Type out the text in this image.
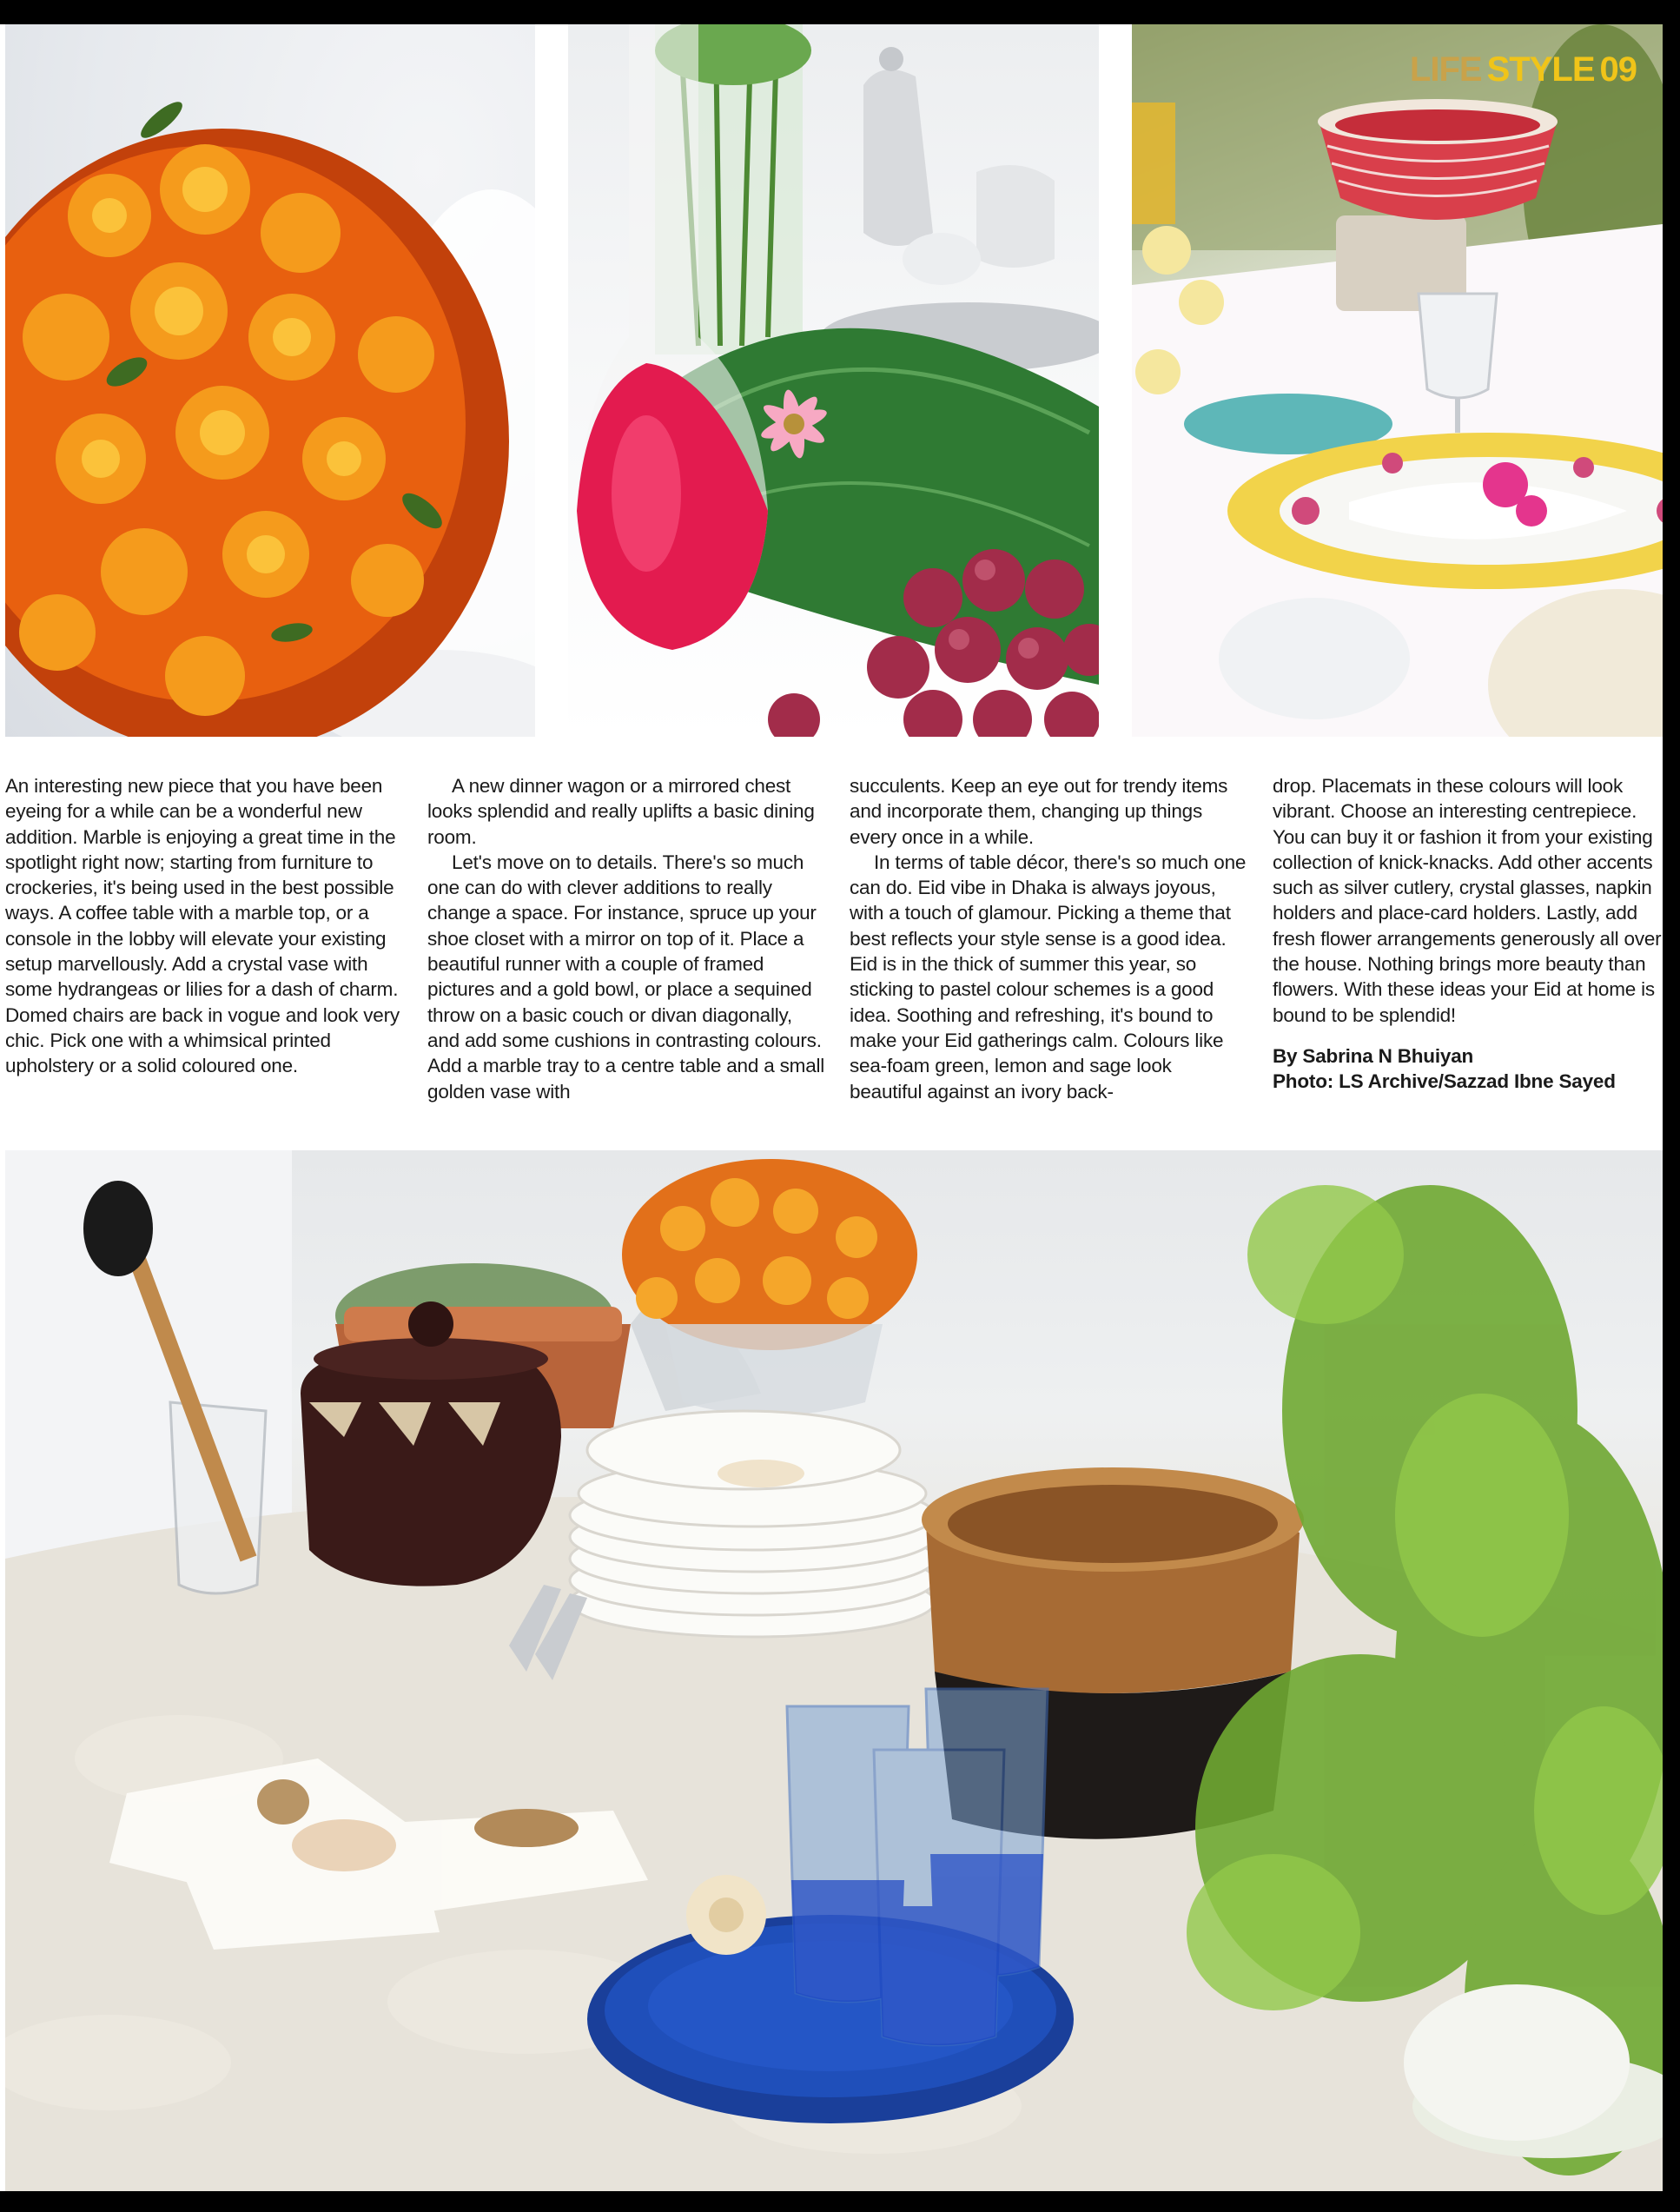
LIFE STYLE 09

An interesting new piece that you have been eyeing for a while can be a wonderful new addition. Marble is enjoying a great time in the spotlight right now; starting from furniture to crockeries, it's being used in the best possible ways. A coffee table with a marble top, or a console in the lobby will elevate your existing setup marvellously. Add a crystal vase with some hydrangeas or lilies for a dash of charm. Domed chairs are back in vogue and look very chic. Pick one with a whimsical printed upholstery or a solid coloured one.

A new dinner wagon or a mirrored chest looks splendid and really uplifts a basic dining room.

Let's move on to details. There's so much one can do with clever additions to really change a space. For instance, spruce up your shoe closet with a mirror on top of it. Place a beautiful runner with a couple of framed pictures and a gold bowl, or place a sequined throw on a basic couch or divan diagonally, and add some cushions in contrasting colours. Add a marble tray to a centre table and a small golden vase with

succulents. Keep an eye out for trendy items and incorporate them, changing up things every once in a while.

In terms of table décor, there's so much one can do. Eid vibe in Dhaka is always joyous, with a touch of glamour. Picking a theme that best reflects your style sense is a good idea. Eid is in the thick of summer this year, so sticking to pastel colour schemes is a good idea. Soothing and refreshing, it's bound to make your Eid gatherings calm. Colours like sea-foam green, lemon and sage look beautiful against an ivory back-

drop. Placemats in these colours will look vibrant. Choose an interesting centrepiece. You can buy it or fashion it from your existing collection of knick-knacks. Add other accents such as silver cutlery, crystal glasses, napkin holders and place-card holders. Lastly, add fresh flower arrangements generously all over the house. Nothing brings more beauty than flowers. With these ideas your Eid at home is bound to be splendid!

By Sabrina N Bhuiyan
Photo: LS Archive/Sazzad Ibne Sayed
